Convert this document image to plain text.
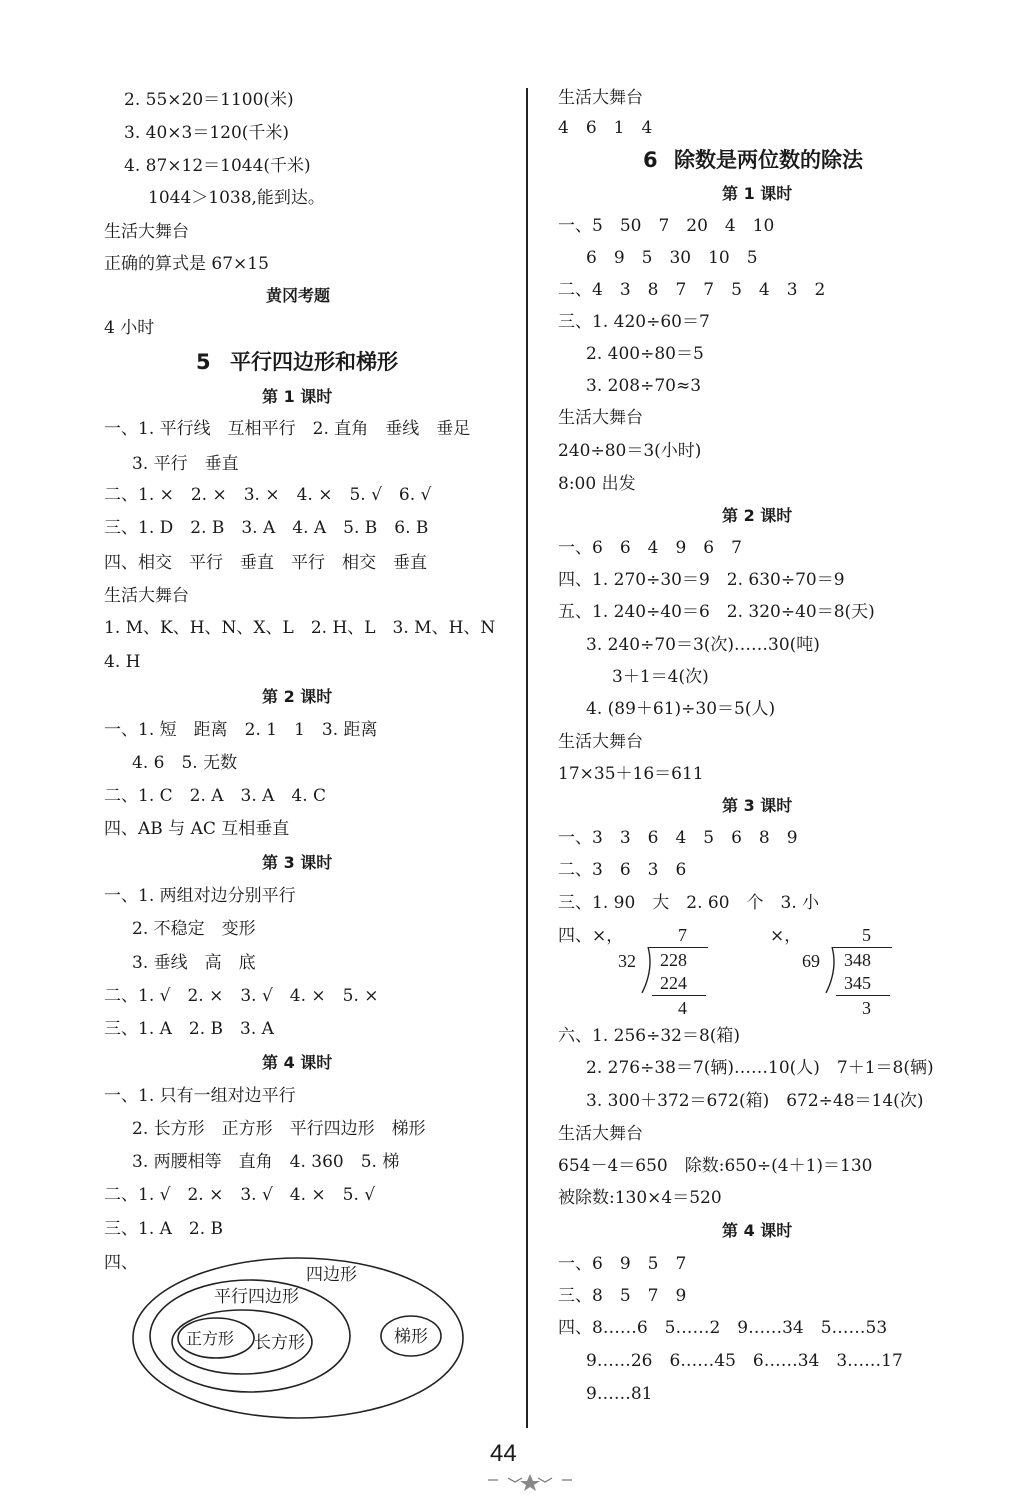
2. 55×20＝1100(米)
3. 40×3＝120(千米)
4. 87×12＝1044(千米)
1044＞1038,能到达。
生活大舞台
正确的算式是 67×15
黄冈考题
4 小时
5 平行四边形和梯形
第 1 课时
一、1. 平行线　互相平行　2. 直角　垂线　垂足
3. 平行　垂直
二、1. ×　2. ×　3. ×　4. ×　5. √　6. √
三、1. D　2. B　3. A　4. A　5. B　6. B
四、相交　平行　垂直　平行　相交　垂直
生活大舞台
1. M、K、H、N、X、L　2. H、L　3. M、H、N
4. H
第 2 课时
一、1. 短　距离　2. 1　1　3. 距离
4. 6　5. 无数
二、1. C　2. A　3. A　4. C
四、AB 与 AC 互相垂直
第 3 课时
一、1. 两组对边分别平行
2. 不稳定　变形
3. 垂线　高　底
二、1. √　2. ×　3. √　4. ×　5. ×
三、1. A　2. B　3. A
第 4 课时
一、1. 只有一组对边平行
2. 长方形　正方形　平行四边形　梯形
3. 两腰相等　直角　4. 360　5. 梯
二、1. √　2. ×　3. √　4. ×　5. √
三、1. A　2. B
四、
四边形
平行四边形
正方形 长方形	梯形
生活大舞台
4　6　1　4
6 除数是两位数的除法
第 1 课时
一、5　50　7　20　4　10
6　9　5　30　10　5
二、4　3　8　7　7　5　4　3　2
三、1. 420÷60＝7
2. 400÷80＝5
3. 208÷70≈3
生活大舞台
240÷80＝3(小时)
8:00 出发
第 2 课时
一、6　6　4　9　6　7
四、1. 270÷30＝9　2. 630÷70＝9
五、1. 240÷40＝6　2. 320÷40＝8(天)
3. 240÷70＝3(次)……30(吨)
3＋1＝4(次)
4. (89＋61)÷30＝5(人)
生活大舞台
17×35＋16＝611
第 3 课时
一、3　3　6　4　5　6　8　9
二、3　6　3　6
三、1. 90　大　2. 60　个　3. 小
四、×，	×，
7
32 228
224
4
5
69 348
345
3
六、1. 256÷32＝8(箱)
2. 276÷38＝7(辆)……10(人)　7＋1＝8(辆)
3. 300＋372＝672(箱)　672÷48＝14(次)
生活大舞台
654－4＝650　除数:650÷(4＋1)＝130
被除数:130×4＝520
第 4 课时
一、6　9　5　7
三、8　5　7　9
四、8……6　5……2　9……34　5……53
9……26　6……45　6……34　3……17
9……81
44
